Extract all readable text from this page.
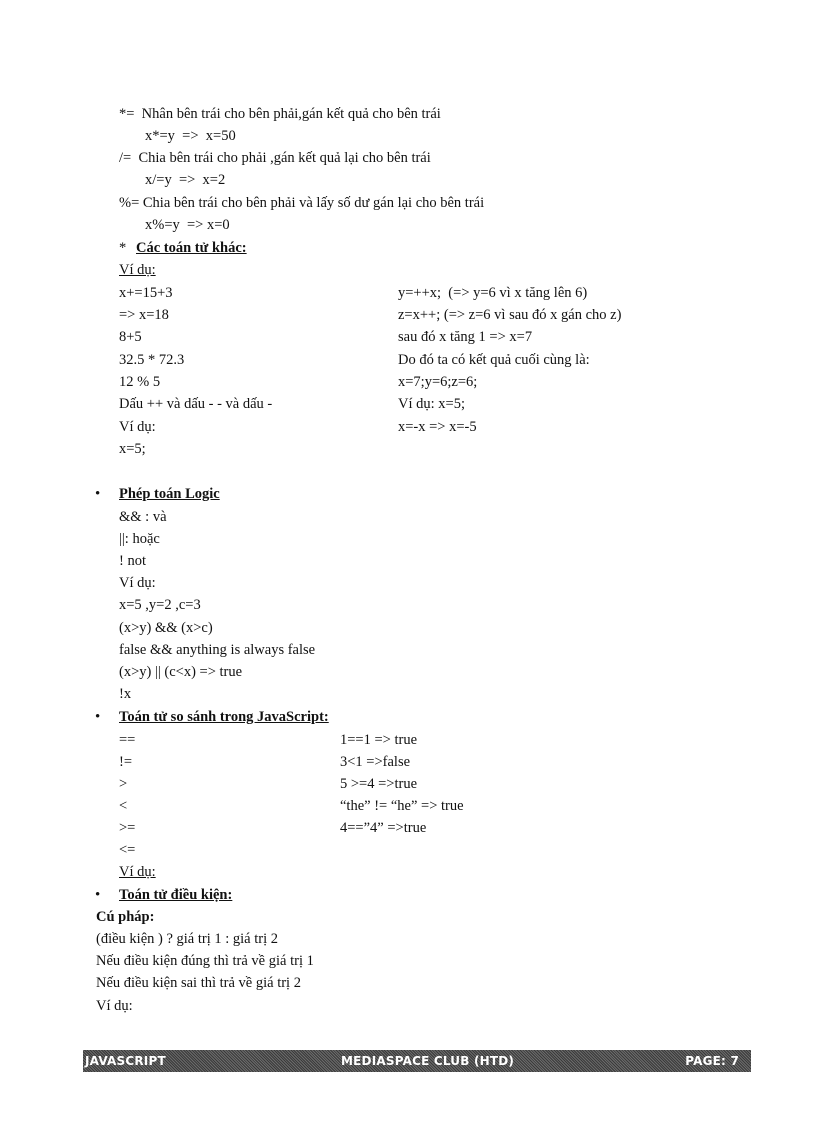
*=  Nhân bên trái cho bên phải,gán kết quả cho bên trái
x*=y  =>  x=50
/=  Chia bên trái cho phải ,gán kết quả lại cho bên trái
x/=y  =>  x=2
%= Chia bên trái cho bên phải và lấy số dư gán lại cho bên trái
x%=y  => x=0
* Các toán tử khác:
Ví dụ:
x+=15+3
=> x=18
8+5
32.5 * 72.3
12 % 5
Dấu ++ và dấu - - và dấu -
Ví dụ:
x=5;
y=++x;  (=> y=6 vì x tăng lên 6)
z=x++; (=> z=6 vì sau đó x gán cho z)
sau đó x tăng 1 => x=7
Do đó ta có kết quả cuối cùng là:
x=7;y=6;z=6;
Ví dụ: x=5;
x=-x => x=-5
• Phép toán Logic
&& : và
||: hoặc
! not
Ví dụ:
x=5 ,y=2 ,c=3
(x>y) && (x>c)
false && anything is always false
(x>y) || (c<x) => true
!x
• Toán tử so sánh trong JavaScript:
==
!=
>
<
>=
<=
1==1 => true
3<1 =>false
5 >=4 =>true
“the” != “he” => true
4==”4” =>true
Ví dụ:
• Toán tử điều kiện:
Cú pháp:
(điều kiện ) ? giá trị 1 : giá trị 2
Nếu điều kiện đúng thì trả về giá trị 1
Nếu điều kiện sai thì trả về giá trị 2
Ví dụ:
JAVASCRIPT	MEDIASPACE CLUB (HTD)	PAGE: 7
